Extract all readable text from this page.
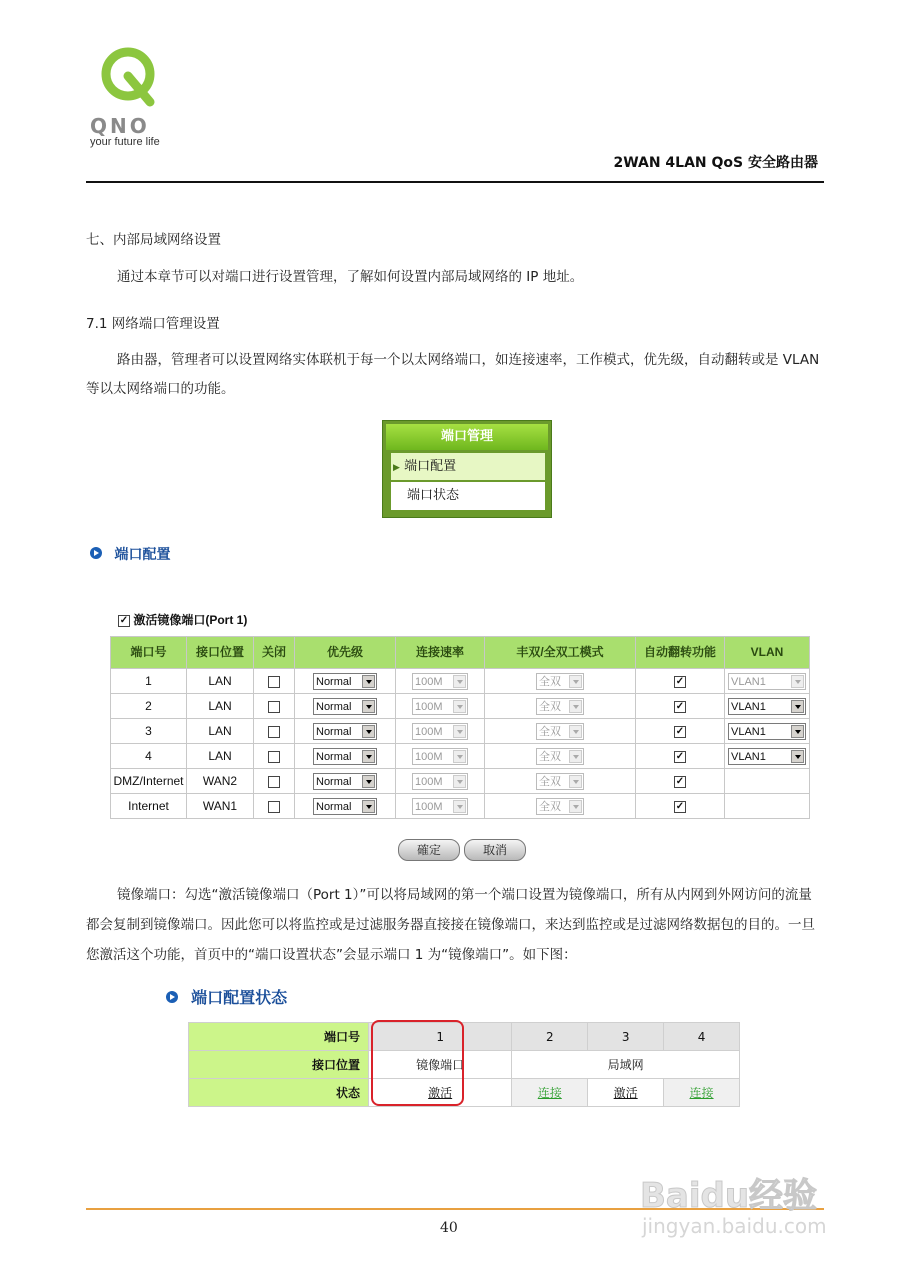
QNO
your future life
2WAN 4LAN QoS 安全路由器
七、内部局域网络设置
通过本章节可以对端口进行设置管理，了解如何设置内部局域网络的 IP 地址。
7.1 网络端口管理设置
路由器，管理者可以设置网络实体联机于每一个以太网络端口，如连接速率，工作模式，优先级，自动翻转或是 VLAN 等以太网络端口的功能。
端口管理
▶ 端口配置
端口状态
端口配置
✓ 激活镜像端口(Port 1)
端口号	接口位置	关闭	优先级	连接速率	丰双/全双工模式	自动翻转功能	VLAN
1	LAN		Normal	100M	全双	✓	VLAN1

2	LAN		Normal	100M	全双	✓	VLAN1

3	LAN		Normal	100M	全双	✓	VLAN1

4	LAN		Normal	100M	全双	✓	VLAN1

DMZ/Internet	WAN2		Normal	100M	全双	✓	
Internet	WAN1		Normal	100M	全双	✓	
確定	取消
镜像端口：勾选“激活镜像端口（Port 1）”可以将局域网的第一个端口设置为镜像端口，所有从内网到外网访问的流量都会复制到镜像端口。因此您可以将监控或是过滤服务器直接接在镜像端口，来达到监控或是过滤网络数据包的目的。一旦您激活这个功能，首页中的“端口设置状态”会显示端口 1 为“镜像端口”。如下图：
端口配置状态
端口号	1	2	3	4
接口位置	镜像端口	局域网		
状态	激活	连接	激活	连接
40
Baidu经验
jingyan.baidu.com
